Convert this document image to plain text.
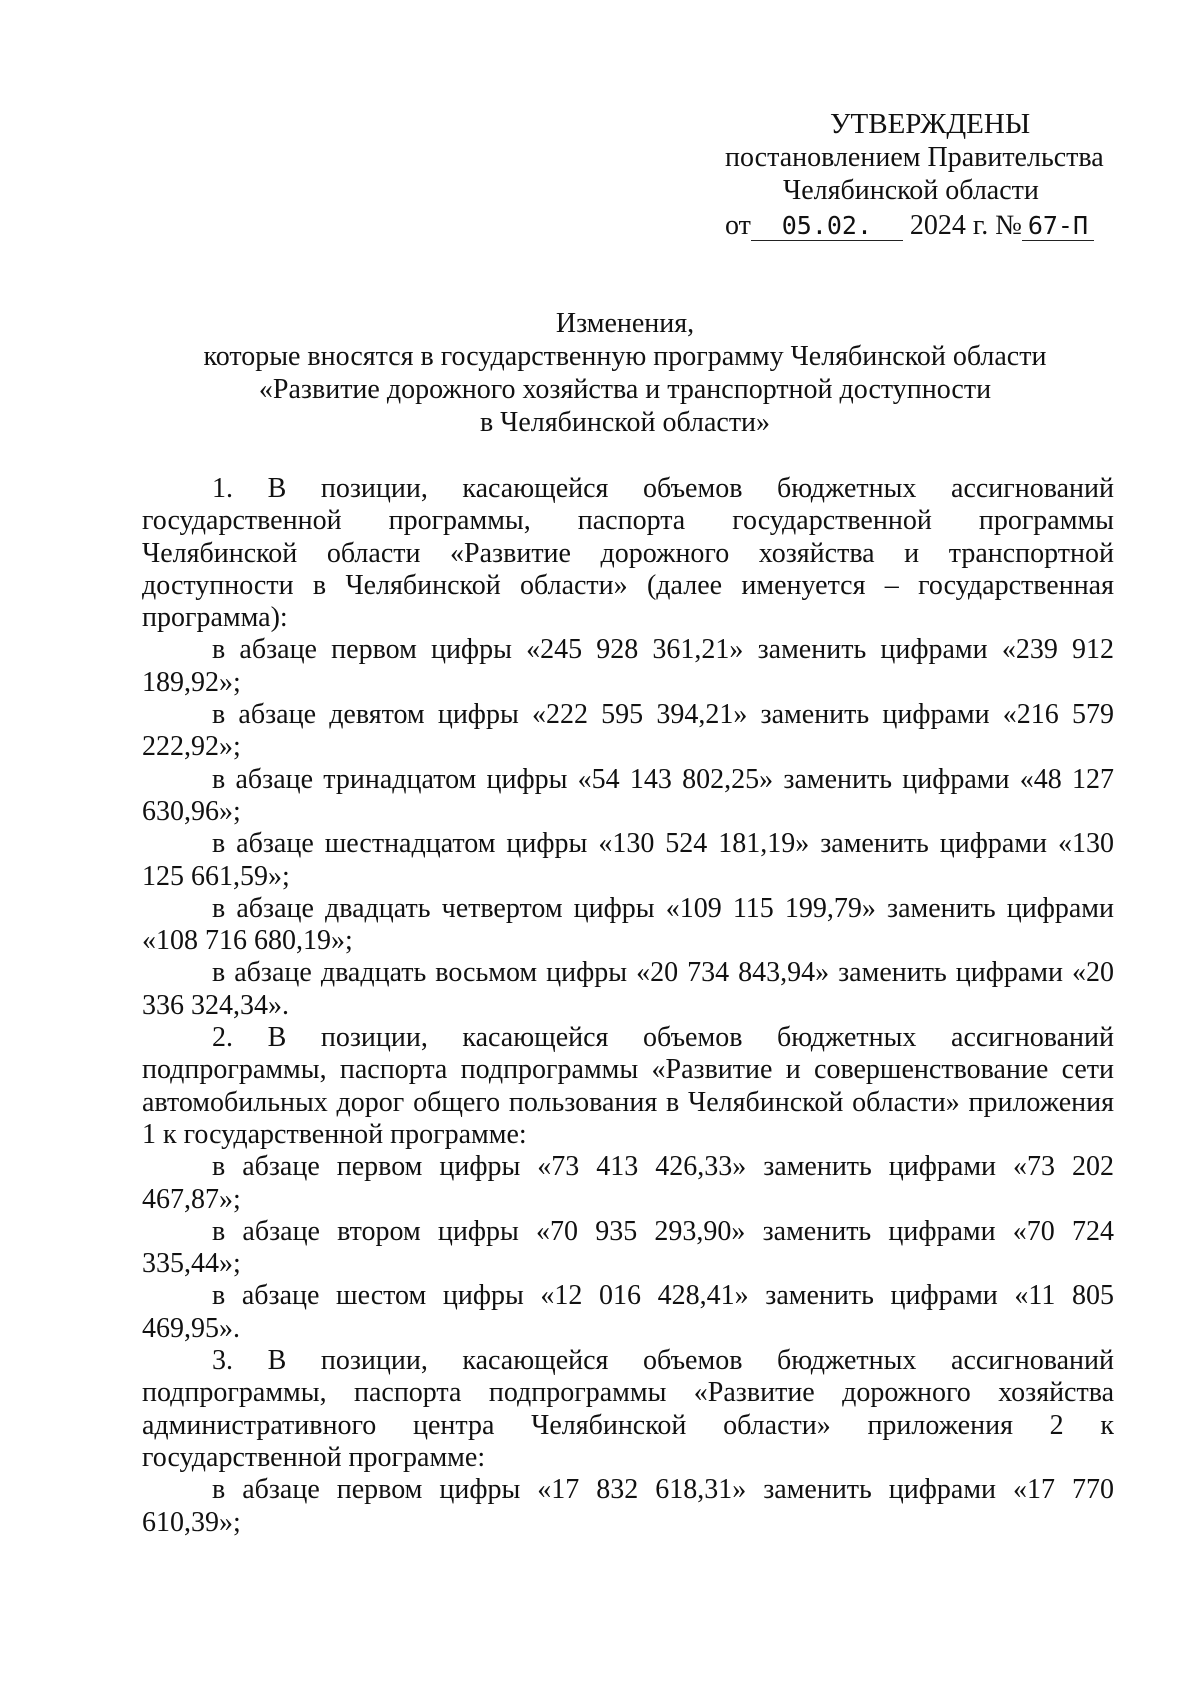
УТВЕРЖДЕНЫ
постановлением Правительства
Челябинской области
от 05.02. 2024 г. № 67-П
Изменения,
которые вносятся в государственную программу Челябинской области
«Развитие дорожного хозяйства и транспортной доступности
в Челябинской области»

1. В позиции, касающейся объемов бюджетных ассигнований государственной программы, паспорта государственной программы Челябинской области «Развитие дорожного хозяйства и транспортной доступности в Челябинской области» (далее именуется – государственная программа):

в абзаце первом цифры «245 928 361,21» заменить цифрами «239 912 189,92»;

в абзаце девятом цифры «222 595 394,21» заменить цифрами «216 579 222,92»;

в абзаце тринадцатом цифры «54 143 802,25» заменить цифрами «48 127 630,96»;

в абзаце шестнадцатом цифры «130 524 181,19» заменить цифрами «130 125 661,59»;

в абзаце двадцать четвертом цифры «109 115 199,79» заменить цифрами «108 716 680,19»;

в абзаце двадцать восьмом цифры «20 734 843,94» заменить цифрами «20 336 324,34».

2. В позиции, касающейся объемов бюджетных ассигнований подпрограммы, паспорта подпрограммы «Развитие и совершенствование сети автомобильных дорог общего пользования в Челябинской области» приложения 1 к государственной программе:

в абзаце первом цифры «73 413 426,33» заменить цифрами «73 202 467,87»;

в абзаце втором цифры «70 935 293,90» заменить цифрами «70 724 335,44»;

в абзаце шестом цифры «12 016 428,41» заменить цифрами «11 805 469,95».

3. В позиции, касающейся объемов бюджетных ассигнований подпрограммы, паспорта подпрограммы «Развитие дорожного хозяйства административного центра Челябинской области» приложения 2 к государственной программе:

в абзаце первом цифры «17 832 618,31» заменить цифрами «17 770 610,39»;
